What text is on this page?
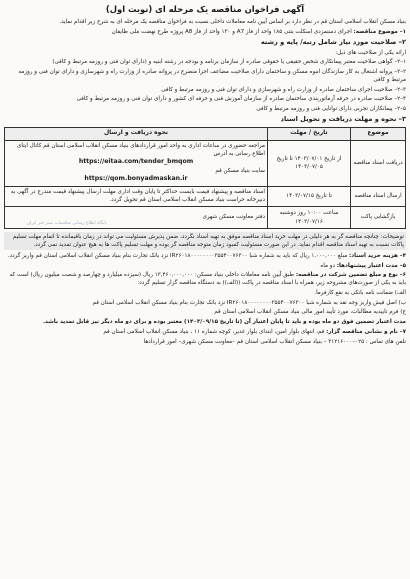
آگهی فراخوان مناقصه یک مرحله ای (نوبت اول)

بنیاد مسکن انقلاب اسلامی استان قم در نظر دارد بر اساس آیین نامه معاملات داخلی نسبت به فراخوان مناقصه یک مرحله ای به شرح زیر اقدام نماید.

۱– موضوع مناقصه: اجرای دستمزدی اسکلت بتنی ۱۸۵ واحد از فاز A7 و ۱۳۰ واحد از فاز A8 پروژه طرح نهضت ملی طایقان

۲– صلاحیت مورد نیاز شامل رتبه/ پایه و رشته

ارائه یکی از صلاحیت های ذیل:

۱–۲– گواهی صلاحیت معتبر پیمانکاری شخص حقیقی یا حقوقی صادره از سازمان برنامه و بودجه در رشته ابنیه و (دارای توان فنی و روزمه مرتبط و کافی)

۲–۲– پروانه اشتغال به کار سازندگان انبوه مسکن و ساختمان دارای صلاحیت مضاعف اجرا منضرج در پروانه صادره از وزارت راه و شهرسازی و دارای توان فنی و روزمه مرتبط و کافی

۳–۲– صلاحیت اجرای ساختمان صادره از وزارت راه و شهرسازی و دارای توان فنی و روزمه مرتبط و کافی

۴–۲– صلاحیت صادره در حرفه آرماتوربندی ساختمان صادره از سازمان آموزش فنی و حرفه ای کشور و دارای توان فنی و روزمه مرتبط و کافی

۵–۲– پیمانکاران تجربی دارای توانایی فنی و روزمه مرتبط و کافی

۳– نحوه و مهلت دریافت و تحویل اسناد
موضوع	تاریخ / مهلت	نحوه دریافت و ارسال
دریافت اسناد مناقصه	از تاریخ ۱۴۰۳/۰۷/۰۱ تا تاریخ ۱۴۰۳/۰۷/۰۵	مراجعه حضوری در ساعات اداری به واحد امور قراردادهای بنیاد مسکن انقلاب اسلامی استان قم کانال ایتای اطلاع رسانی به آدرس
https://eitaa.com/tender_bmqom
سایت بنیاد مسکن قم
https://qom.bonyadmaskan.ir

ارسال اسناد مناقصه	تا تاریخ ۱۴۰۳/۰۷/۱۵	اسناد مناقصه و پیشنهاد قیمت بایست حداکثر تا پایان وقت اداری مهلت ارسال پیشنهاد قیمت مندرج در آگهی به دبیرخانه حراست بنیاد مسکن انقلاب اسلامی استان قم تحویل گردد.
بازگشایی پاکت	ساعت ۱۰:۰۰ روز دوشنبه ۱۴۰۳/۰۷/۱۶	دفتر معاونت مسکن شهری
پایگاه اطلاع رسانی مناقصات نشر خبر ایران

توضیحات: چنانچه مناقصه گر به هر دلیلی در مهلت خرید اسناد مناقصه موفق به تهیه اسناد نگردد، ضمن پذیرش مسئولیت می تواند در زمان باقیمانده تا اتمام مهلت تسلیم پاکات نسبت به تهیه اسناد مناقصه اقدام نماید. در این صورت مسئولیت کمبود زمان متوجه مناقصه گر بوده و مهلت تسلیم پاکت ها به هیچ عنوان تمدید نمی گردد.

۴– هزینه خرید اسناد: مبلغ ۱,۰۰۰,۰۰۰ ریال که باید به شماره شبا IR۲۶۰۱۸۰۰۰۰۰۰۰۰۳۵۵۴۰۰۷۶۳۰۰ نزد بانک تجارت بنام بنیاد مسکن انقلاب اسلامی استان قم واریز گردد.

۵– مدت اعتبار پیشنهادها: دو ماه

۶– نوع و مبلغ تضمین شرکت در مناقصه: طبق آیین نامه معاملات داخلی بنیاد مسکن: ۱۳,۴۶۰,۰۰۰,۰۰۰ ریال (سیزده میلیارد و چهارصد و شصت میلیون ریال) است که باید به یکی از صورت‌های مشروحه زیر، همراه با اسناد مناقصه در پاکت ((الف)) به دستگاه مناقصه گزار تسلیم گردد:

الف) ضمانت نامه بانکی به نفع کارفرما.

ب) اصل فیش واریز وجه نقد به شماره شبا IR۲۶۰۱۸۰۰۰۰۰۰۰۰۳۵۵۴۰۰۷۶۳۰۰ نزد بانک تجارت بنام بنیاد مسکن انقلاب اسلامی استان قم

ج) فرم تاییدیه مطالبات، مورد تأیید امور مالی بنیاد مسکن انقلاب اسلامی استان قم

مدت اعتبار تضمین فوق دو ماه بوده و باید تا پایان اعتبار آن (تا تاریخ ۱۴۰۳/۰۹/۱۵) معتبر بوده و برای دو ماه دیگر نیز قابل تمدید باشد.

۷– نام و نشانی مناقصه گزار: قم، انتهای بلوار امین، ابتدای بلوار غدیر، کوچه شماره ۱۱ ، بنیاد مسکن انقلاب اسلامی استان قم

تلفن های تماس : ۰۲۵–۳۱۲۱۶۰۰۰ – بنیاد مسکن انقلاب اسلامی استان قم –معاونت مسکن شهری– امور قراردادها
